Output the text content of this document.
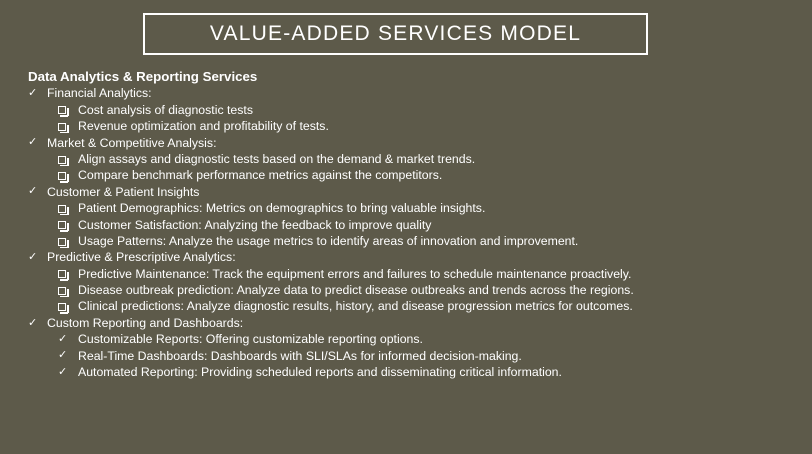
VALUE-ADDED SERVICES MODEL
Data Analytics & Reporting Services
✓ Financial Analytics:
Cost analysis of diagnostic tests
Revenue optimization and profitability of tests.
✓ Market & Competitive Analysis:
Align assays and diagnostic tests based on the demand & market trends.
Compare benchmark performance metrics against the competitors.
✓ Customer & Patient Insights
Patient Demographics: Metrics on demographics to bring valuable insights.
Customer Satisfaction: Analyzing the feedback to improve quality
Usage Patterns: Analyze the usage metrics to identify areas of innovation and improvement.
✓ Predictive & Prescriptive Analytics:
Predictive Maintenance: Track the equipment errors and failures to schedule maintenance proactively.
Disease outbreak prediction: Analyze data to predict disease outbreaks and trends across the regions.
Clinical predictions: Analyze diagnostic results, history, and disease progression metrics for outcomes.
✓ Custom Reporting and Dashboards:
✓ Customizable Reports: Offering customizable reporting options.
✓ Real-Time Dashboards: Dashboards with SLI/SLAs for informed decision-making.
✓ Automated Reporting: Providing scheduled reports and disseminating critical information.
